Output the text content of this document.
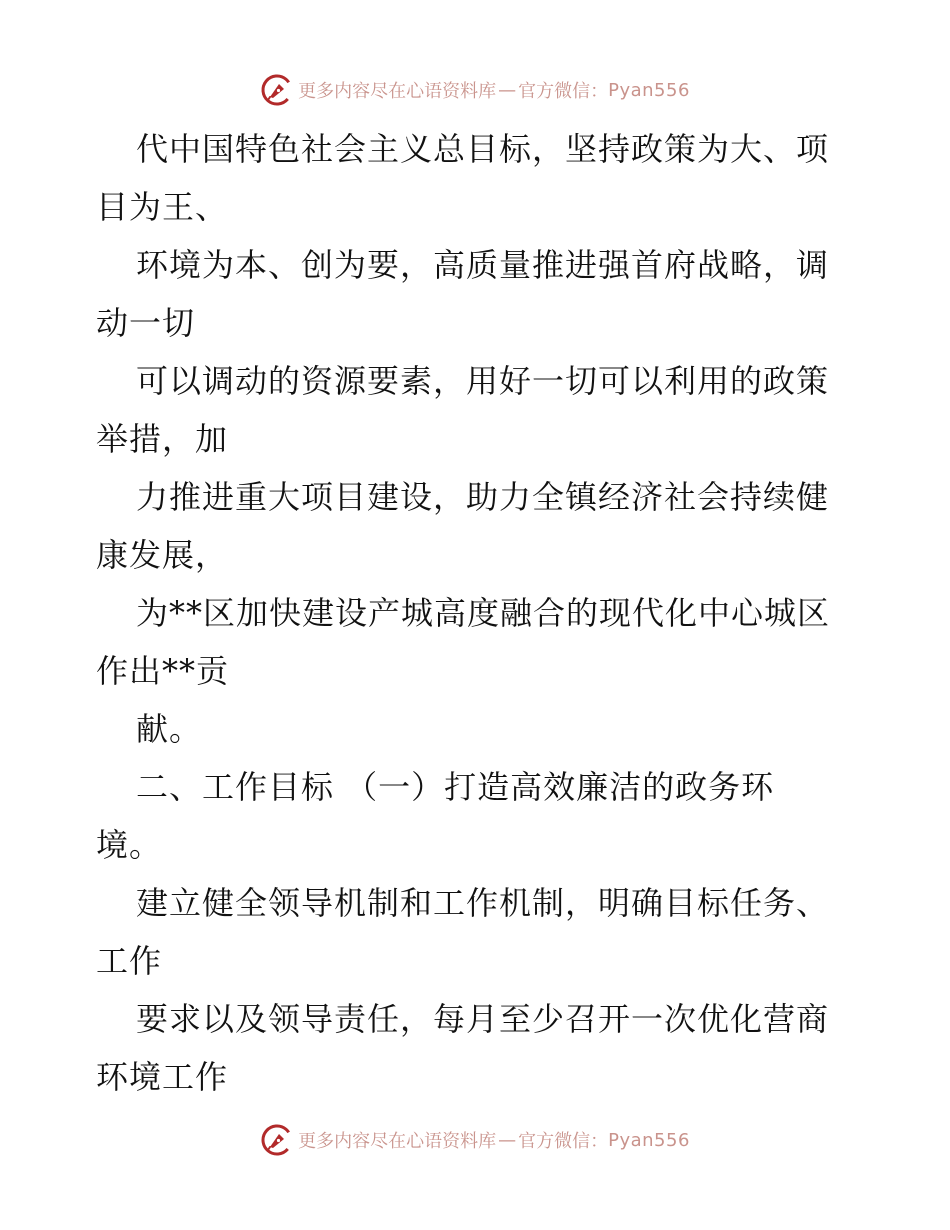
更多内容尽在心语资料库 — 官方微信： Pyan556
代中国特色社会主义总目标，坚持政策为大、项
目为王、
环境为本、创为要，高质量推进强首府战略，调
动一切
可以调动的资源要素，用好一切可以利用的政策
举措，加
力推进重大项目建设，助力全镇经济社会持续健
康发展，
为**区加快建设产城高度融合的现代化中心城区
作出**贡
献。
二、工作目标 （一）打造高效廉洁的政务环
境。
建立健全领导机制和工作机制，明确目标任务、
工作
要求以及领导责任，每月至少召开一次优化营商
环境工作
更多内容尽在心语资料库 — 官方微信： Pyan556
